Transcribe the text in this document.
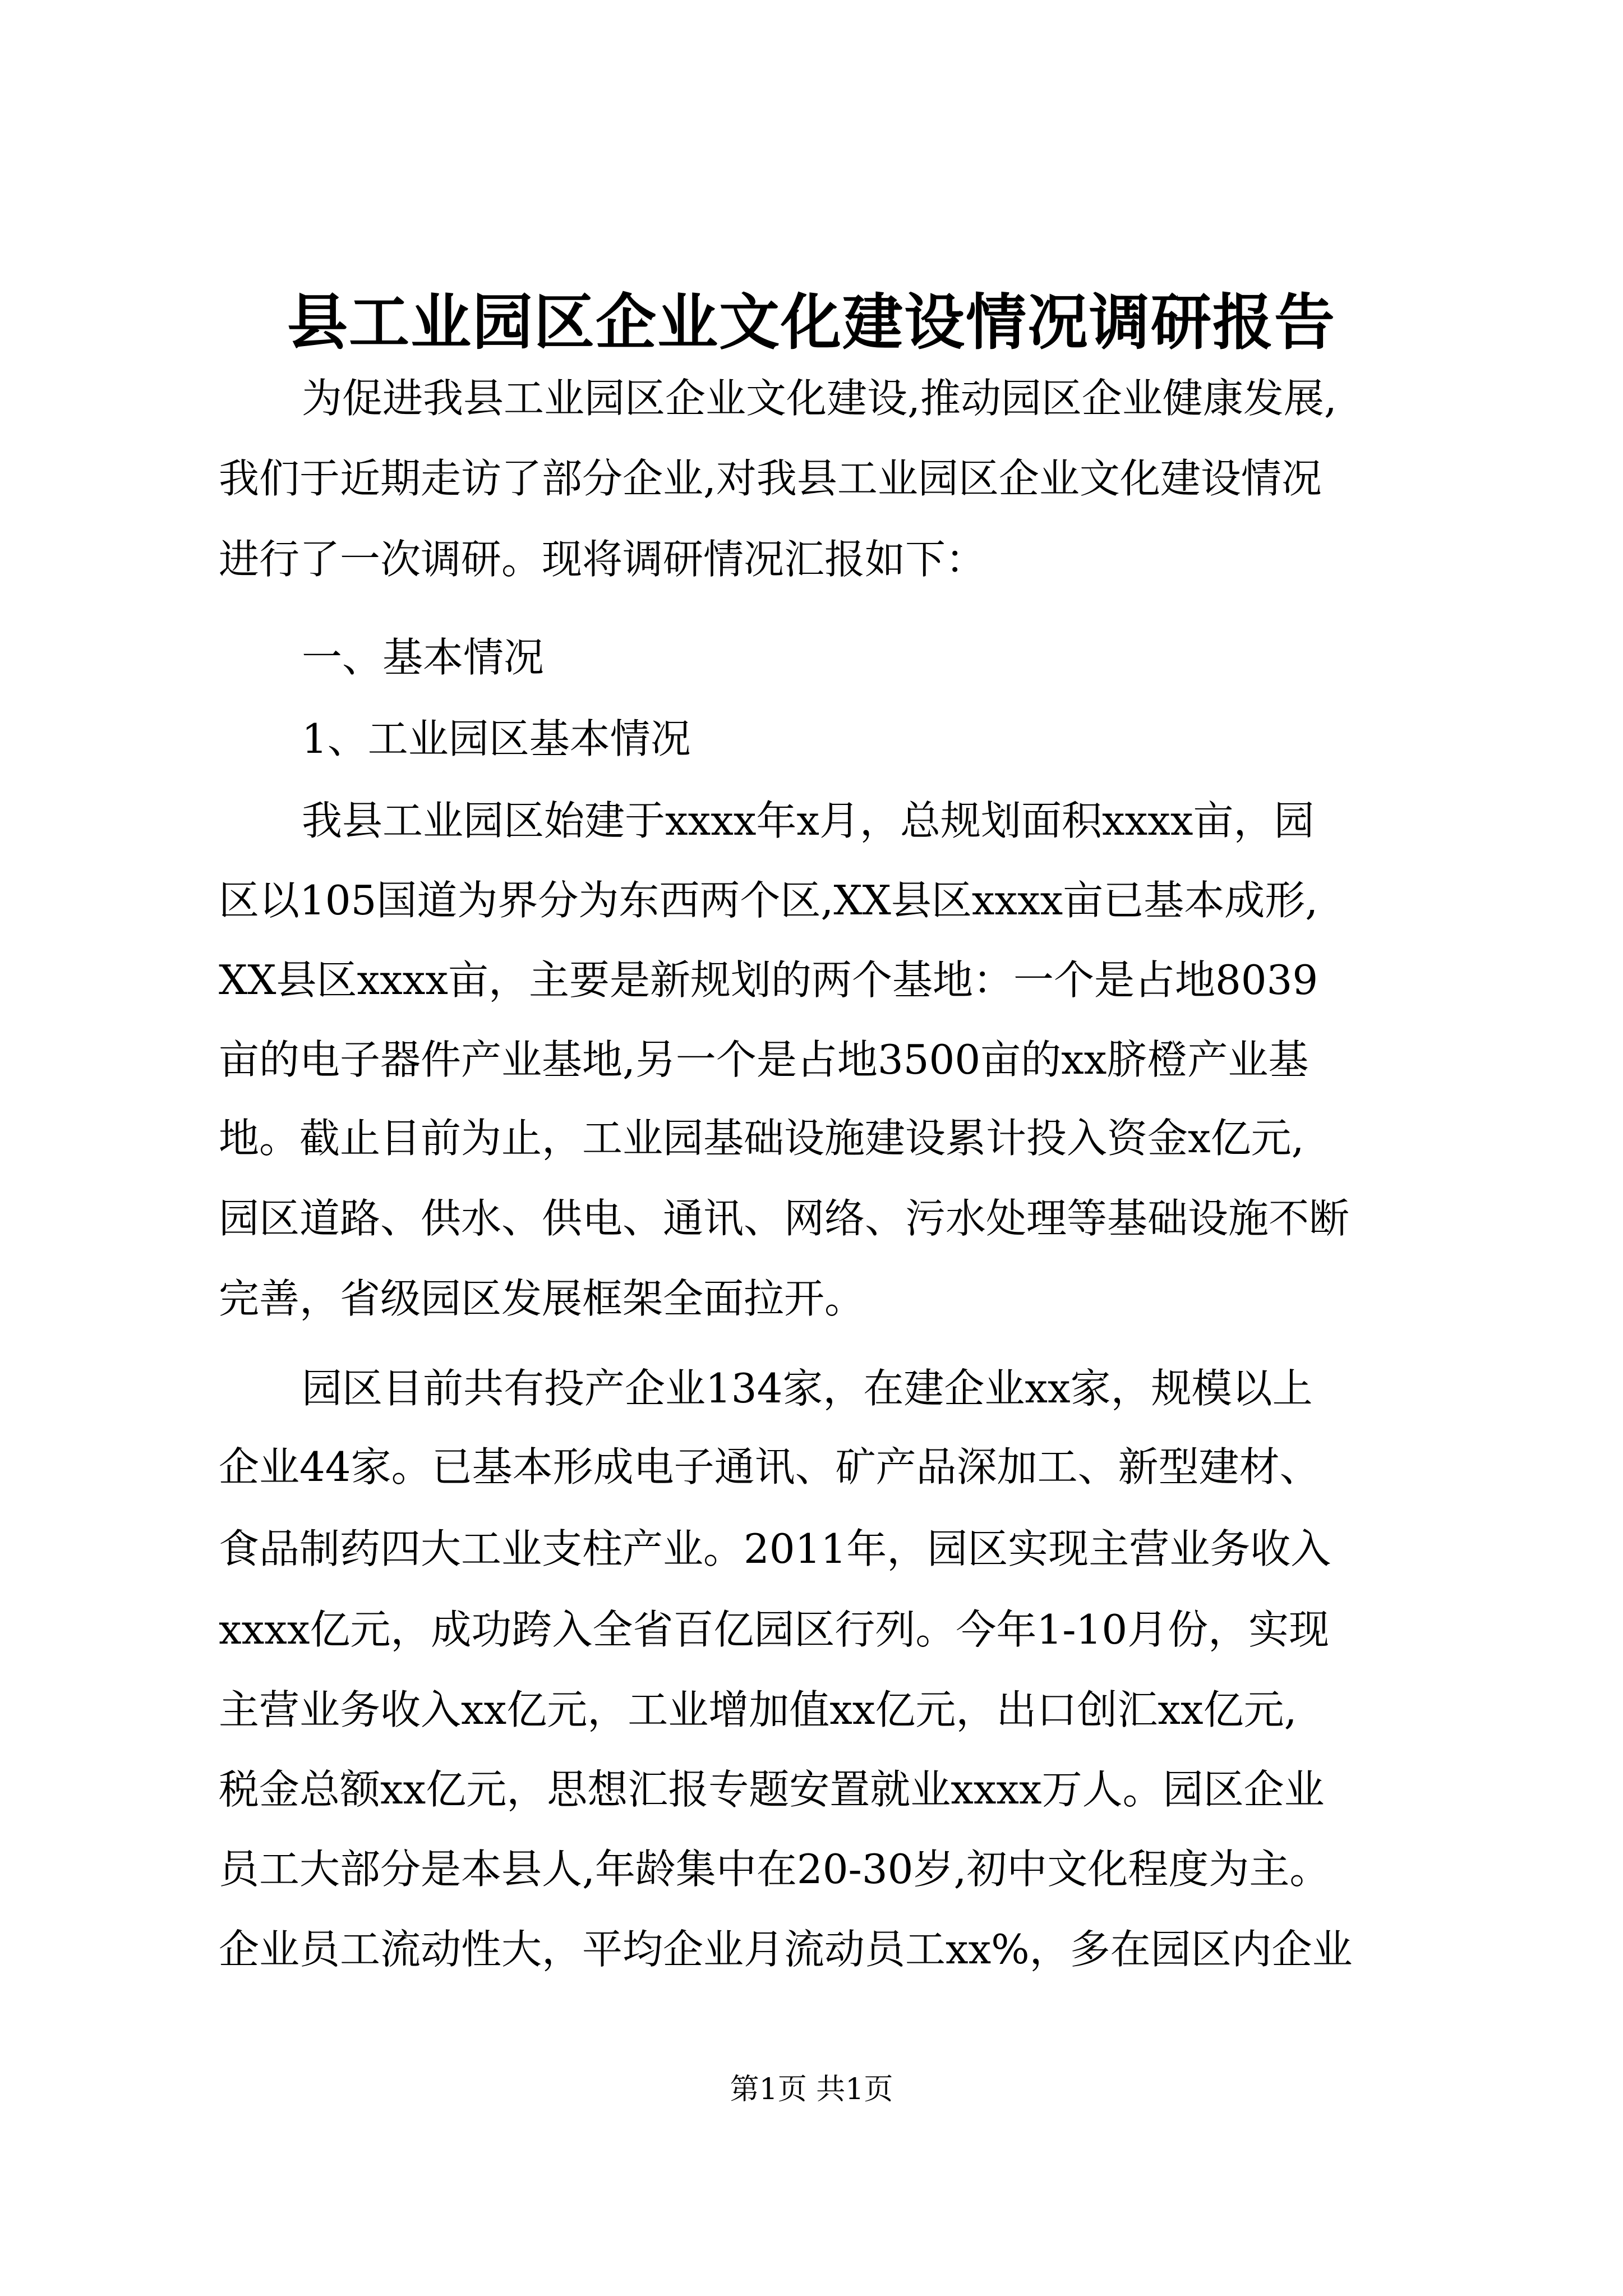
县工业园区企业文化建设情况调研报告
为促进我县工业园区企业文化建设,推动园区企业健康发展,
我们于近期走访了部分企业,对我县工业园区企业文化建设情况
进行了一次调研。现将调研情况汇报如下：
一、基本情况
1、工业园区基本情况
我县工业园区始建于xxxx年x月，总规划面积xxxx亩，园
区以105国道为界分为东西两个区,XX县区xxxx亩已基本成形,
XX县区xxxx亩，主要是新规划的两个基地：一个是占地8039
亩的电子器件产业基地,另一个是占地3500亩的xx脐橙产业基
地。截止目前为止，工业园基础设施建设累计投入资金x亿元,
园区道路、供水、供电、通讯、网络、污水处理等基础设施不断
完善，省级园区发展框架全面拉开。
园区目前共有投产企业134家，在建企业xx家，规模以上
企业44家。已基本形成电子通讯、矿产品深加工、新型建材、
食品制药四大工业支柱产业。2011年，园区实现主营业务收入
xxxx亿元，成功跨入全省百亿园区行列。今年1-10月份，实现
主营业务收入xx亿元，工业增加值xx亿元，出口创汇xx亿元,
税金总额xx亿元，思想汇报专题安置就业xxxx万人。园区企业
员工大部分是本县人,年龄集中在20-30岁,初中文化程度为主。
企业员工流动性大，平均企业月流动员工xx%，多在园区内企业
第1页 共1页
